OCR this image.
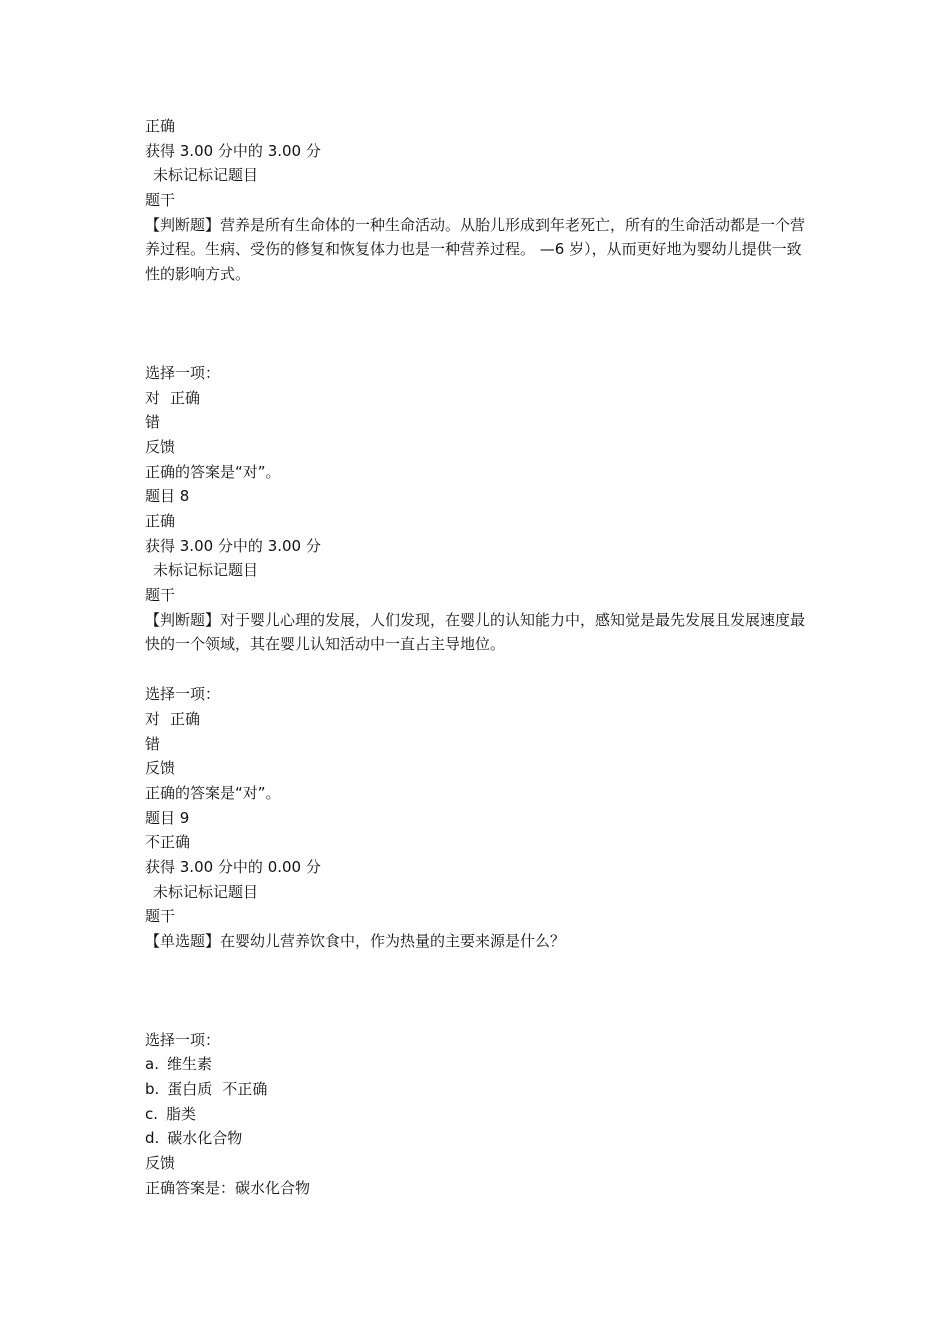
正确
获得 3.00 分中的 3.00 分
未标记标记题目
题干
【判断题】营养是所有生命体的一种生命活动。从胎儿形成到年老死亡，所有的生命活动都是一个营养过程。生病、受伤的修复和恢复体力也是一种营养过程。 —6 岁），从而更好地为婴幼儿提供一致性的影响方式。
选择一项：
对 正确
错
反馈
正确的答案是“对”。
题目 8
正确
获得 3.00 分中的 3.00 分
未标记标记题目
题干
【判断题】对于婴儿心理的发展，人们发现，在婴儿的认知能力中，感知觉是最先发展且发展速度最快的一个领域，其在婴儿认知活动中一直占主导地位。
选择一项：
对 正确
错
反馈
正确的答案是“对”。
题目 9
不正确
获得 3.00 分中的 0.00 分
未标记标记题目
题干
【单选题】在婴幼儿营养饮食中，作为热量的主要来源是什么？
选择一项：
a. 维生素
b. 蛋白质 不正确
c. 脂类
d. 碳水化合物
反馈
正确答案是：碳水化合物
